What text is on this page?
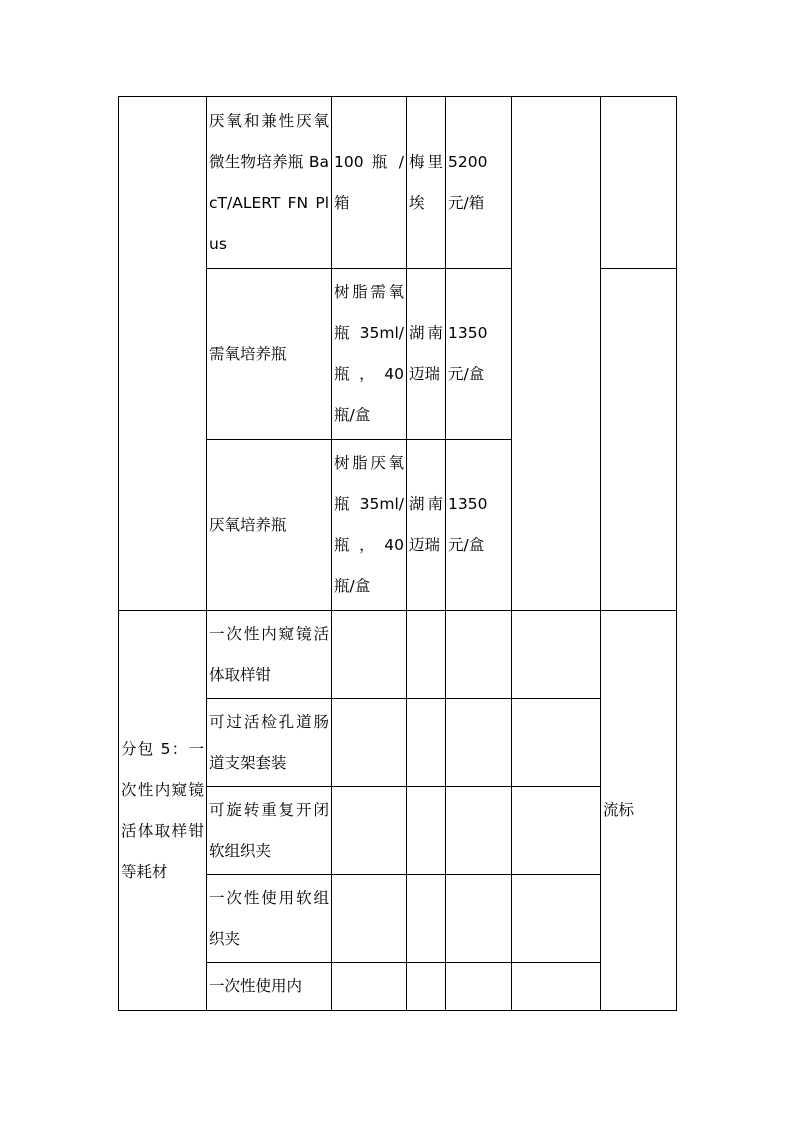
	厌氧和兼性厌氧微生物培养瓶 BacT/ALERT FN Plus	100 瓶 /箱	梅里埃	5200 元/箱		

	需氧培养瓶	树脂需氧 瓶35ml/瓶，40 瓶/盒	湖南迈瑞	1350 元/盒		

	厌氧培养瓶	树脂厌氧 瓶35ml/瓶，40 瓶/盒	湖南迈瑞	1350 元/盒		

分包 5：一次性内窥镜活体取样钳等耗材	一次性内窥镜活体取样钳					流标

	可过活检孔道肠道支架套装					

	可旋转重复开闭软组织夹					

	一次性使用软组织夹					

	一次性使用内					
